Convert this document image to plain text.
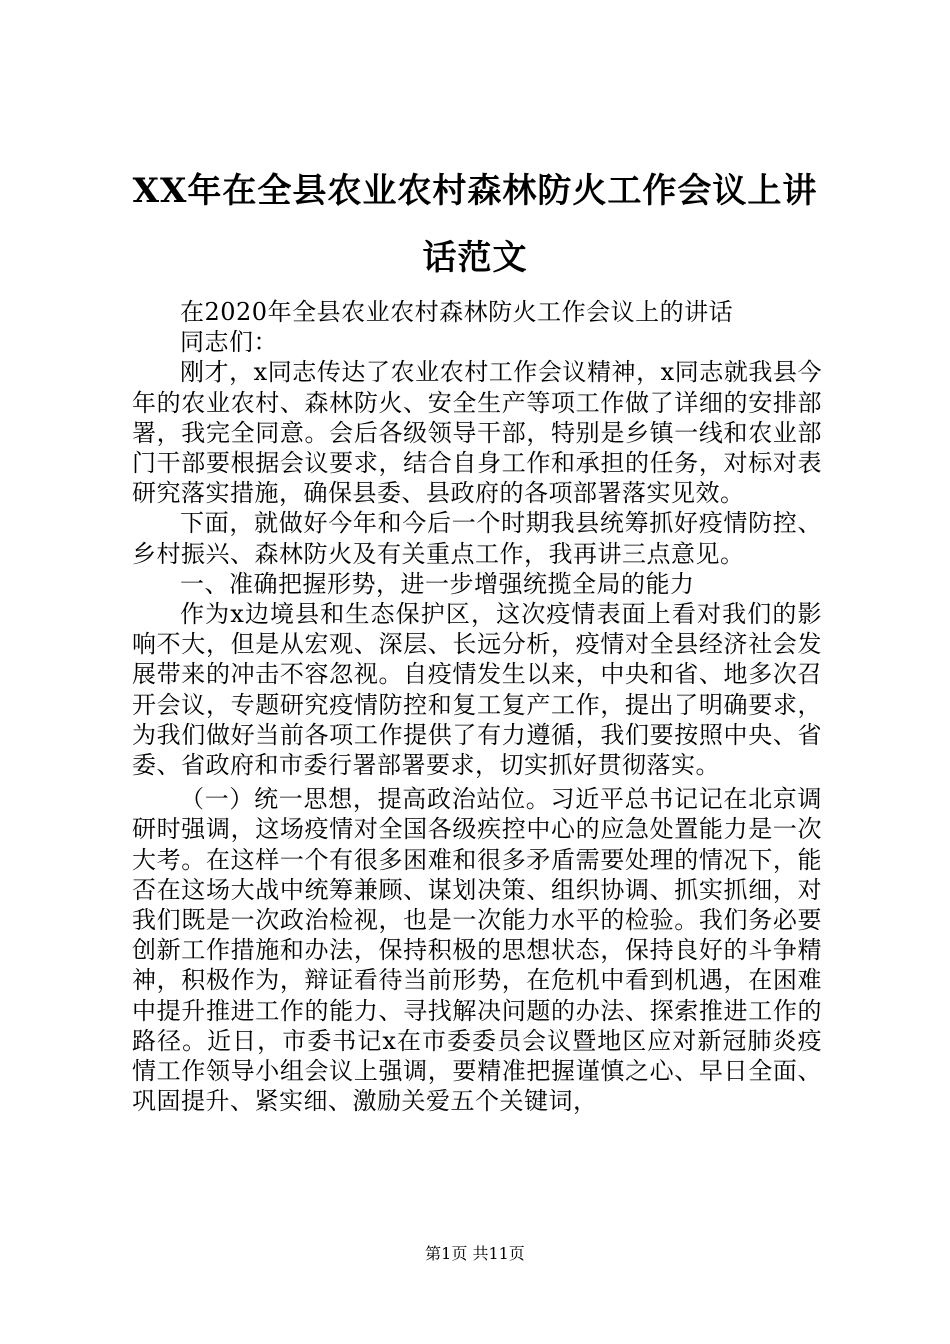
XX年在全县农业农村森林防火工作会议上讲话范文

在2020年全县农业农村森林防火工作会议上的讲话

同志们：

刚才，x同志传达了农业农村工作会议精神，x同志就我县今年的农业农村、森林防火、安全生产等项工作做了详细的安排部署，我完全同意。会后各级领导干部，特别是乡镇一线和农业部门干部要根据会议要求，结合自身工作和承担的任务，对标对表研究落实措施，确保县委、县政府的各项部署落实见效。

下面，就做好今年和今后一个时期我县统筹抓好疫情防控、乡村振兴、森林防火及有关重点工作，我再讲三点意见。

一、准确把握形势，进一步增强统揽全局的能力

作为x边境县和生态保护区，这次疫情表面上看对我们的影响不大，但是从宏观、深层、长远分析，疫情对全县经济社会发展带来的冲击不容忽视。自疫情发生以来，中央和省、地多次召开会议，专题研究疫情防控和复工复产工作，提出了明确要求，为我们做好当前各项工作提供了有力遵循，我们要按照中央、省委、省政府和市委行署部署要求，切实抓好贯彻落实。

（一）统一思想，提高政治站位。习近平总书记记在北京调研时强调，这场疫情对全国各级疾控中心的应急处置能力是一次大考。在这样一个有很多困难和很多矛盾需要处理的情况下，能否在这场大战中统筹兼顾、谋划决策、组织协调、抓实抓细，对我们既是一次政治检视，也是一次能力水平的检验。我们务必要创新工作措施和办法，保持积极的思想状态，保持良好的斗争精神，积极作为，辩证看待当前形势，在危机中看到机遇，在困难中提升推进工作的能力、寻找解决问题的办法、探索推进工作的路径。近日，市委书记x在市委委员会议暨地区应对新冠肺炎疫情工作领导小组会议上强调，要精准把握谨慎之心、早日全面、巩固提升、紧实细、激励关爱五个关键词，

第1页 共11页
